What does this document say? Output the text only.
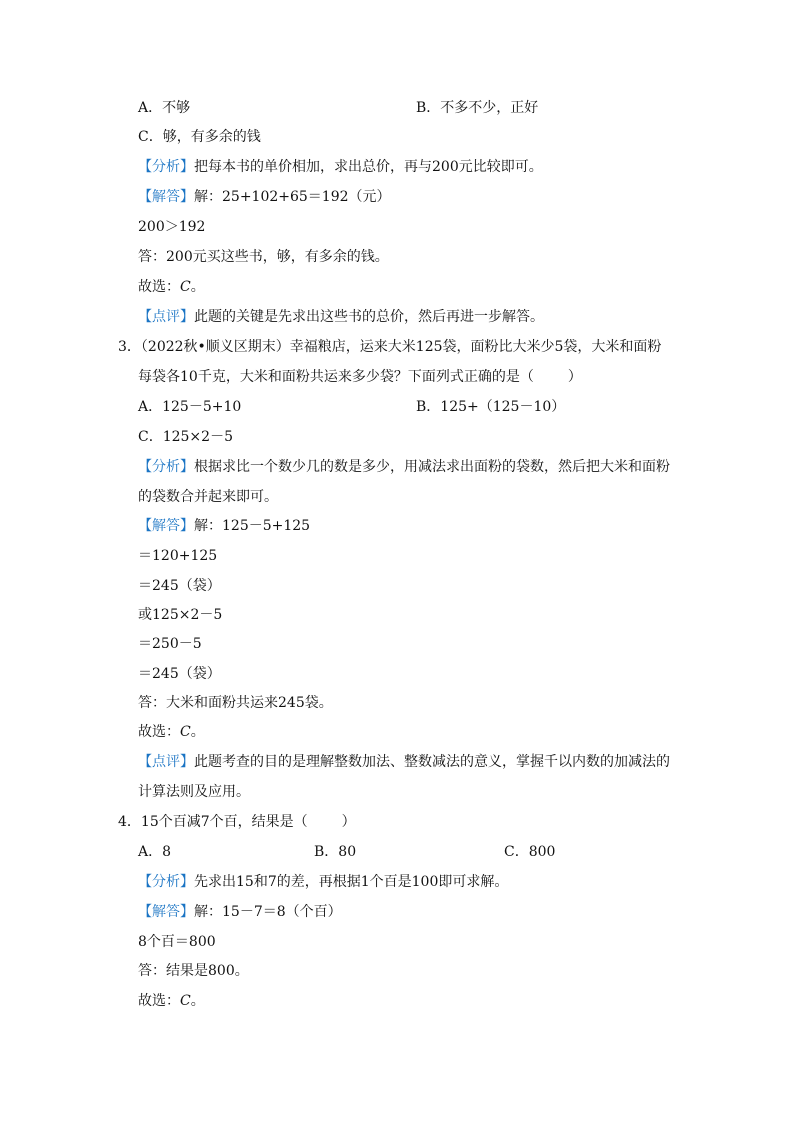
A．不够	B．不多不少，正好
C．够，有多余的钱
【分析】把每本书的单价相加，求出总价，再与200元比较即可。
【解答】解：25+102+65＝192（元）
200＞192
答：200元买这些书，够，有多余的钱。
故选：C。
【点评】此题的关键是先求出这些书的总价，然后再进一步解答。
3．（2022秋•顺义区期末）幸福粮店，运来大米125袋，面粉比大米少5袋，大米和面粉
每袋各10千克，大米和面粉共运来多少袋？下面列式正确的是（ ）
A．125－5+10	B．125+（125－10）
C．125×2－5
【分析】根据求比一个数少几的数是多少，用减法求出面粉的袋数，然后把大米和面粉
的袋数合并起来即可。
【解答】解：125－5+125
＝120+125
＝245（袋）
或125×2－5
＝250－5
＝245（袋）
答：大米和面粉共运来245袋。
故选：C。
【点评】此题考查的目的是理解整数加法、整数减法的意义，掌握千以内数的加减法的
计算法则及应用。
4．15个百减7个百，结果是（ ）
A．8	B．80	C．800
【分析】先求出15和7的差，再根据1个百是100即可求解。
【解答】解：15－7＝8（个百）
8个百＝800
答：结果是800。
故选：C。
